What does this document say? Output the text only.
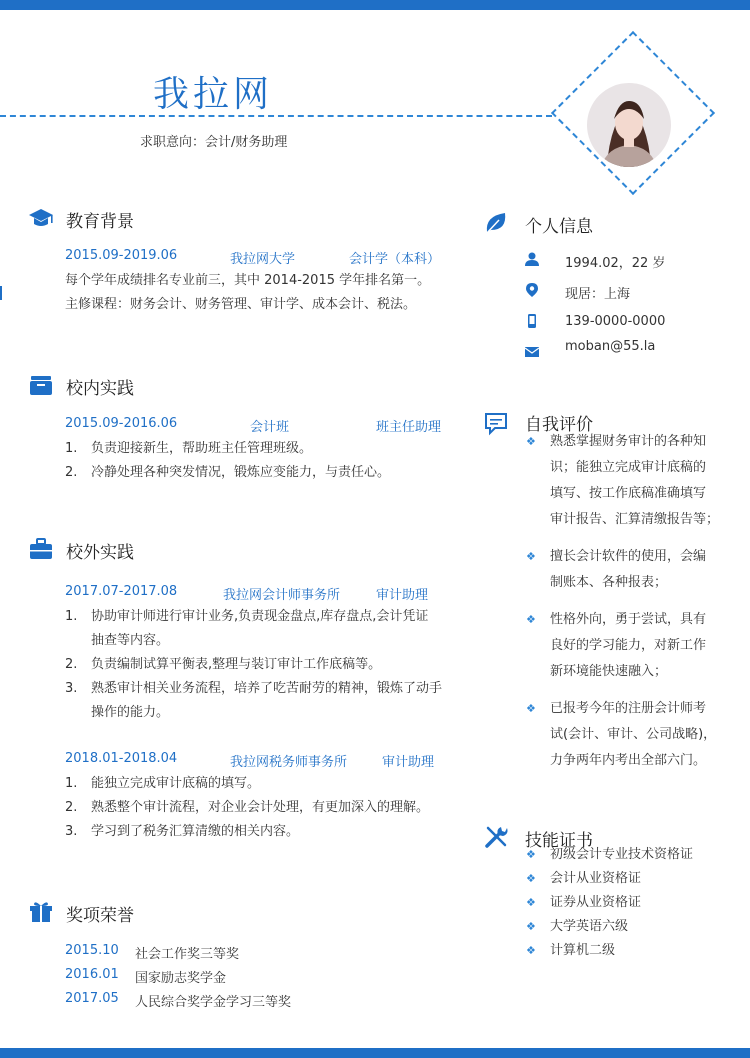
我拉网
求职意向：会计/财务助理
教育背景
2015.09-2019.06	我拉网大学	会计学（本科）
每个学年成绩排名专业前三，其中 2014-2015 学年排名第一。
主修课程：财务会计、财务管理、审计学、成本会计、税法。
校内实践
2015.09-2016.06	会计班	班主任助理
1. 负责迎接新生，帮助班主任管理班级。
2. 冷静处理各种突发情况，锻炼应变能力，与责任心。
校外实践
2017.07-2017.08	我拉网会计师事务所	审计助理
1. 协助审计师进行审计业务,负责现金盘点,库存盘点,会计凭证
抽查等内容。
2. 负责编制试算平衡表,整理与装订审计工作底稿等。
3. 熟悉审计相关业务流程，培养了吃苦耐劳的精神，锻炼了动手
操作的能力。
2018.01-2018.04	我拉网税务师事务所	审计助理
1. 能独立完成审计底稿的填写。
2. 熟悉整个审计流程，对企业会计处理，有更加深入的理解。
3. 学习到了税务汇算清缴的相关内容。
奖项荣誉
2015.10 社会工作奖三等奖
2016.01 国家励志奖学金
2017.05 人民综合奖学金学习三等奖
个人信息
1994.02，22 岁
现居：上海
139-0000-0000
moban@55.la
自我评价
❖ 熟悉掌握财务审计的各种知
识；能独立完成审计底稿的
填写、按工作底稿准确填写
审计报告、汇算清缴报告等；
❖ 擅长会计软件的使用，会编
制账本、各种报表；
❖ 性格外向，勇于尝试，具有
良好的学习能力，对新工作
新环境能快速融入；
❖ 已报考今年的注册会计师考
试(会计、审计、公司战略)，
力争两年内考出全部六门。
技能证书
❖ 初级会计专业技术资格证
❖ 会计从业资格证
❖ 证券从业资格证
❖ 大学英语六级
❖ 计算机二级
